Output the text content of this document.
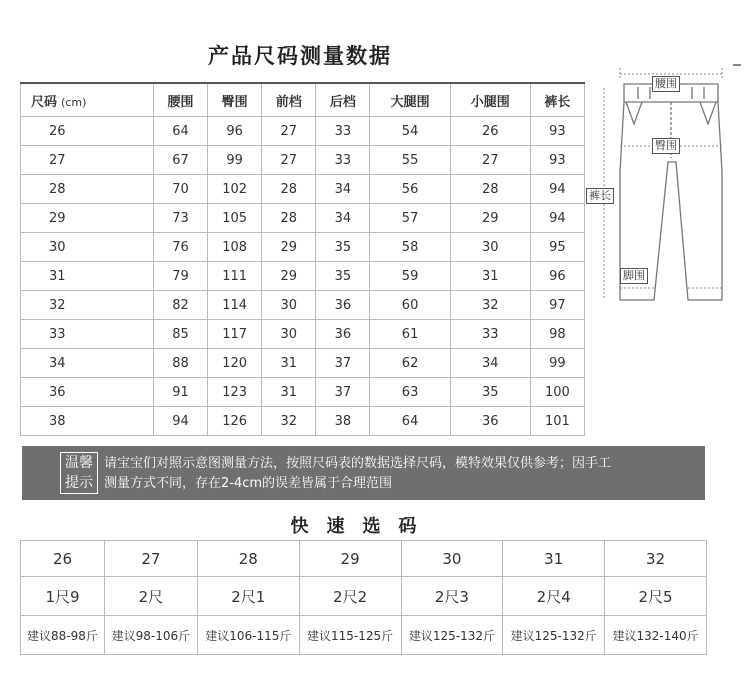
产品尺码测量数据
尺码 (cm)	腰围	臀围	前档	后档	大腿围	小腿围	裤长
26	64	96	27	33	54	26	93
27	67	99	27	33	55	27	93
28	70	102	28	34	56	28	94
29	73	105	28	34	57	29	94
30	76	108	29	35	58	30	95
31	79	111	29	35	59	31	96
32	82	114	30	36	60	32	97
33	85	117	30	36	61	33	98
34	88	120	31	37	62	34	99
36	91	123	31	37	63	35	100
38	94	126	32	38	64	36	101
腰围
臀围
裤长
脚围
温馨
提示
请宝宝们对照示意图测量方法，按照尺码表的数据选择尺码，模特效果仅供参考；因手工
测量方式不同，存在2-4cm的误差皆属于合理范围
快速选码
26	27	28	29	30	31	32
1尺9	2尺	2尺1	2尺2	2尺3	2尺4	2尺5
建议88-98斤	建议98-106斤	建议106-115斤	建议115-125斤	建议125-132斤	建议125-132斤	建议132-140斤
